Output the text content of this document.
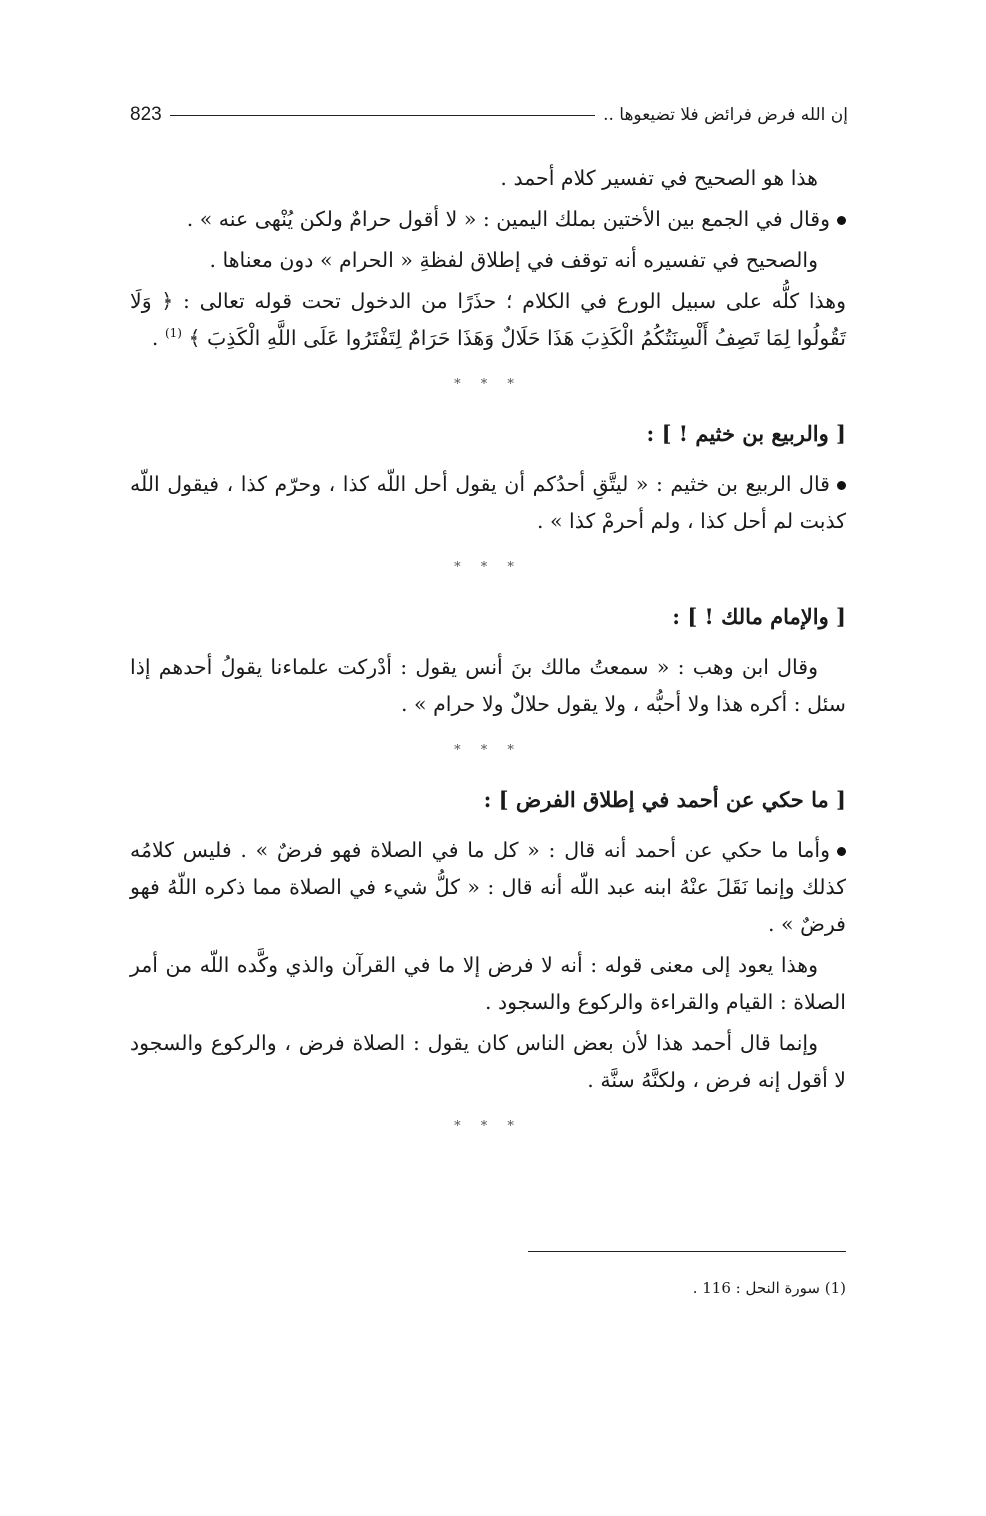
إن الله فرض فرائض فلا تضيعوها ..
823

هذا هو الصحيح في تفسير كلام أحمد .

وقال في الجمع بين الأختين بملك اليمين : « لا أقول حرامٌ ولكن يُنْهى عنه » .

والصحيح في تفسيره أنه توقف في إطلاق لفظةِ « الحرام » دون معناها .

وهذا كلُّه على سبيل الورع في الكلام ؛ حذَرًا من الدخول تحت قوله تعالى : ﴿ وَلَا تَقُولُوا لِمَا تَصِفُ أَلْسِنَتُكُمُ الْكَذِبَ هَذَا حَلَالٌ وَهَذَا حَرَامٌ لِتَفْتَرُوا عَلَى اللَّهِ الْكَذِبَ ﴾ $^{(1)}$ .

* * *

[ والربيع بن خثيم ! ] :

قال الربيع بن خثيم : « ليتَّقِ أحدُكم أن يقول أحل اللّه كذا ، وحرّم كذا ، فيقول اللّه كذبت لم أحل كذا ، ولم أحرمْ كذا » .

* * *

[ والإمام مالك ! ] :

وقال ابن وهب : « سمعتُ مالك بنَ أنس يقول : أدْركت علماءنا يقولُ أحدهم إذا سئل : أكره هذا ولا أحبُّه ، ولا يقول حلالٌ ولا حرام » .

* * *

[ ما حكي عن أحمد في إطلاق الفرض ] :

وأما ما حكي عن أحمد أنه قال : « كل ما في الصلاة فهو فرضٌ » . فليس كلامُه كذلك وإنما نَقَلَ عنْهُ ابنه عبد اللّه أنه قال : « كلُّ شيء في الصلاة مما ذكره اللّهُ فهو فرضٌ » .

وهذا يعود إلى معنى قوله : أنه لا فرض إلا ما في القرآن والذي وكَّده اللّه من أمر الصلاة : القيام والقراءة والركوع والسجود .

وإنما قال أحمد هذا لأن بعض الناس كان يقول : الصلاة فرض ، والركوع والسجود لا أقول إنه فرض ، ولكنَّهُ سنَّة .

* * *
(1) سورة النحل : 116 .
